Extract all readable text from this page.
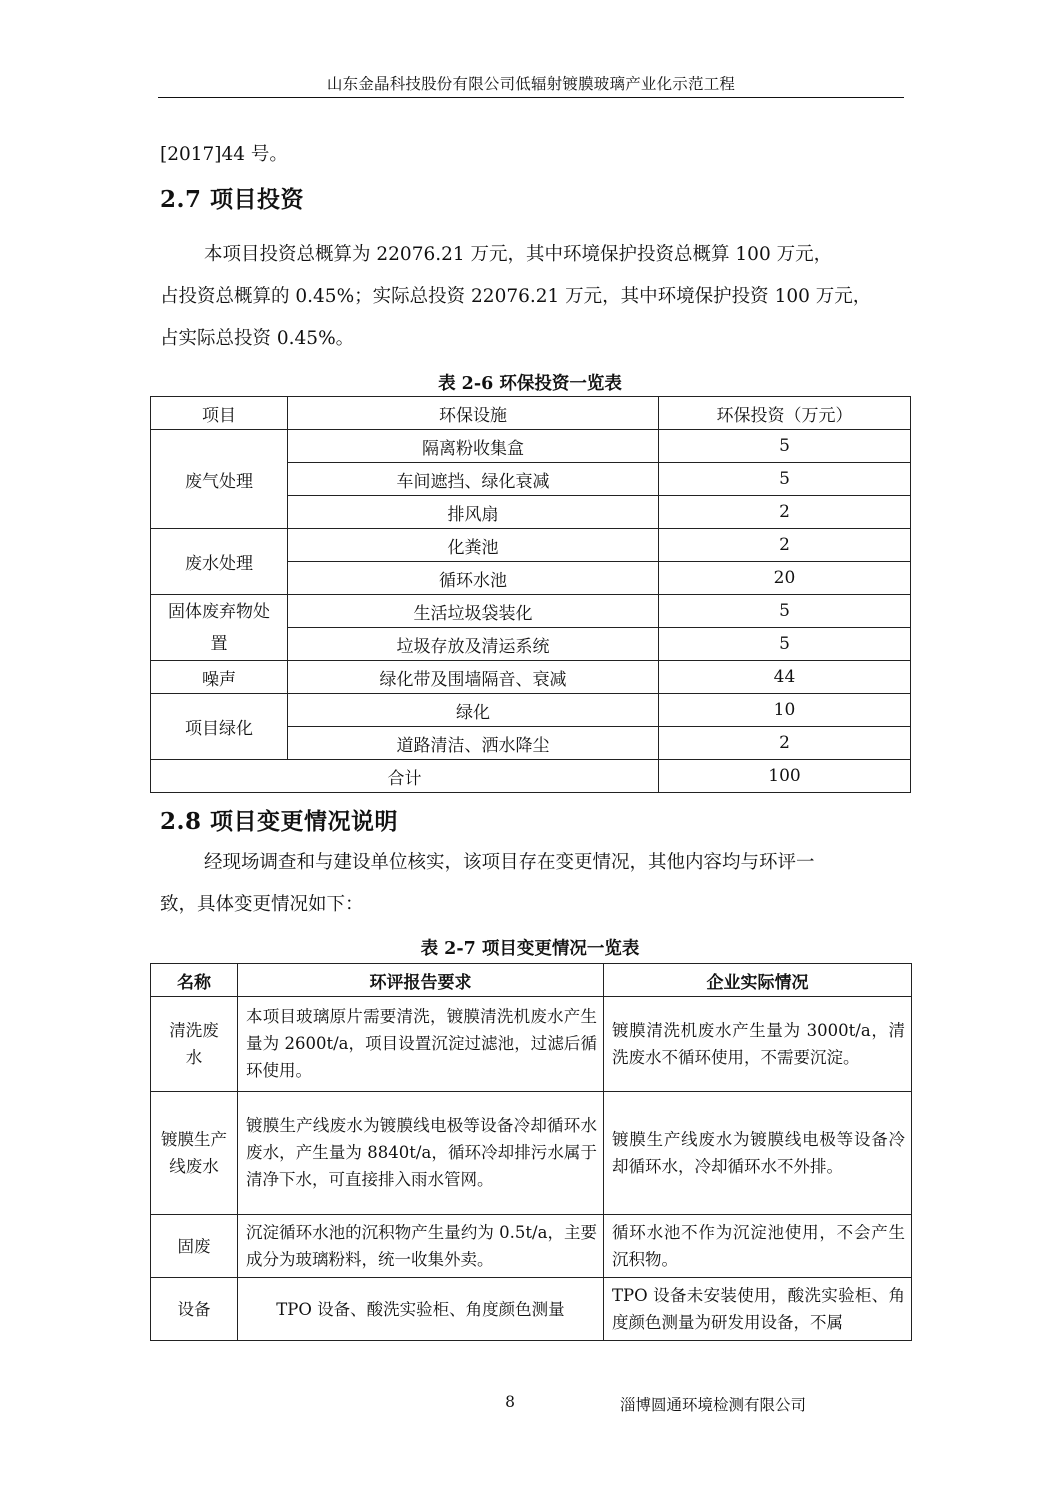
山东金晶科技股份有限公司低辐射镀膜玻璃产业化示范工程
[2017]44 号。
2.7 项目投资
本项目投资总概算为 22076.21 万元，其中环境保护投资总概算 100 万元，
占投资总概算的 0.45%；实际总投资 22076.21 万元，其中环境保护投资 100 万元，
占实际总投资 0.45%。
表 2-6 环保投资一览表
项目	环保设施	环保投资（万元）
废气处理	隔离粉收集盒	5
	车间遮挡、绿化衰减	5
	排风扇	2
废水处理	化粪池	2
	循环水池	20
固体废弃物处置	生活垃圾袋装化	5
	垃圾存放及清运系统	5
噪声	绿化带及围墙隔音、衰减	44
项目绿化	绿化	10
	道路清洁、洒水降尘	2
合计		100
2.8 项目变更情况说明
经现场调查和与建设单位核实，该项目存在变更情况，其他内容均与环评一
致，具体变更情况如下：
表 2-7 项目变更情况一览表
名称	环评报告要求	企业实际情况
清洗废水	本项目玻璃原片需要清洗，镀膜清洗机废水产生量为 2600t/a，项目设置沉淀过滤池，过滤后循环使用。	镀膜清洗机废水产生量为 3000t/a，清洗废水不循环使用，不需要沉淀。
镀膜生产线废水	镀膜生产线废水为镀膜线电极等设备冷却循环水废水，产生量为 8840t/a，循环冷却排污水属于清净下水，可直接排入雨水管网。	镀膜生产线废水为镀膜线电极等设备冷却循环水，冷却循环水不外排。
固废	沉淀循环水池的沉积物产生量约为 0.5t/a，主要成分为玻璃粉料，统一收集外卖。	循环水池不作为沉淀池使用，不会产生沉积物。
设备	TPO 设备、酸洗实验柜、角度颜色测量	TPO 设备未安装使用，酸洗实验柜、角度颜色测量为研发用设备，不属
8	淄博圆通环境检测有限公司
